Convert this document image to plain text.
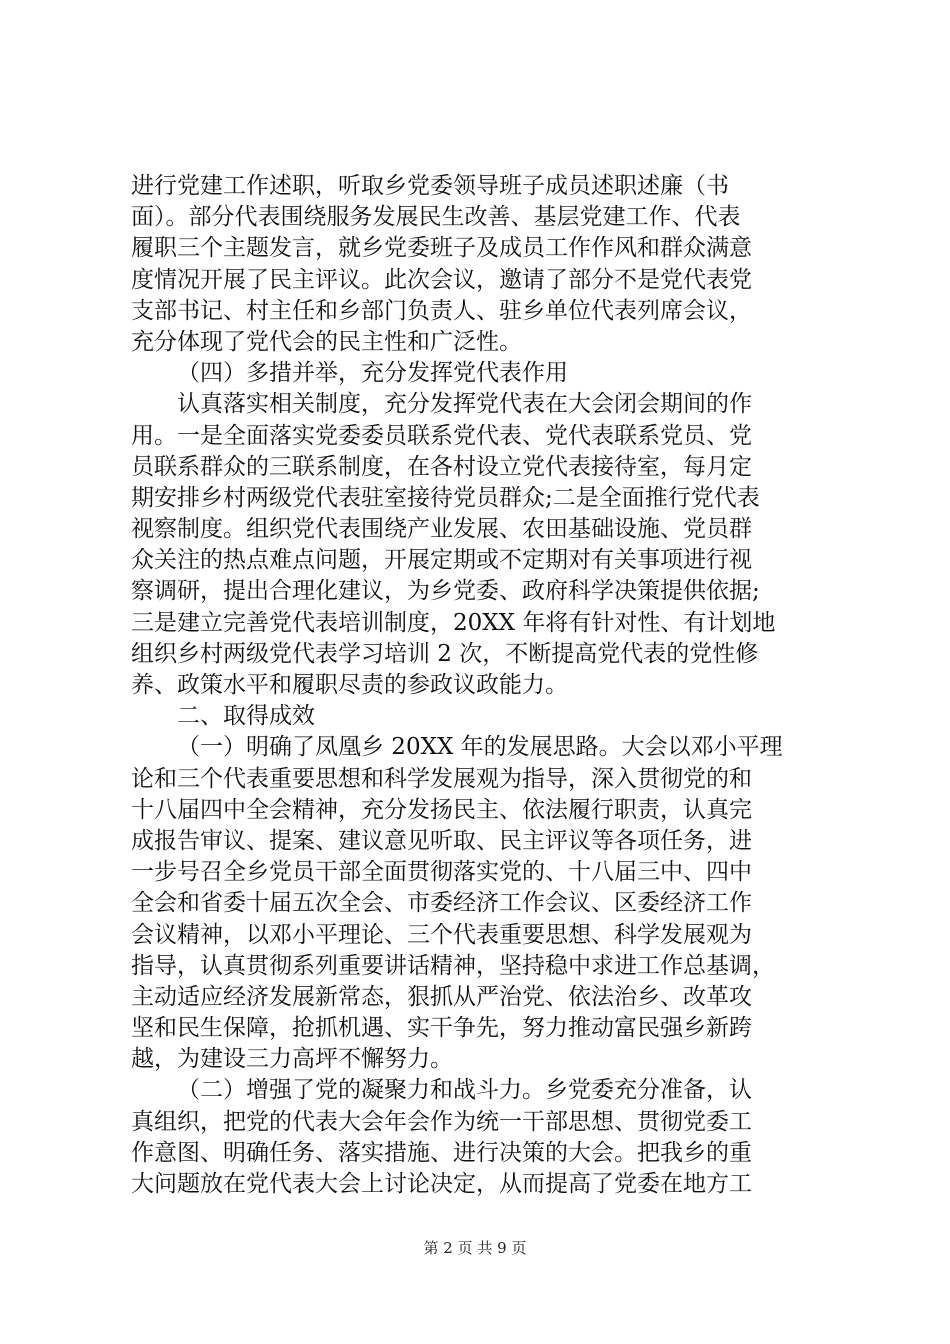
进行党建工作述职，听取乡党委领导班子成员述职述廉（书
面）。部分代表围绕服务发展民生改善、基层党建工作、代表
履职三个主题发言，就乡党委班子及成员工作作风和群众满意
度情况开展了民主评议。此次会议，邀请了部分不是党代表党
支部书记、村主任和乡部门负责人、驻乡单位代表列席会议，
充分体现了党代会的民主性和广泛性。
（四）多措并举，充分发挥党代表作用
认真落实相关制度，充分发挥党代表在大会闭会期间的作
用。一是全面落实党委委员联系党代表、党代表联系党员、党
员联系群众的三联系制度，在各村设立党代表接待室，每月定
期安排乡村两级党代表驻室接待党员群众;二是全面推行党代表
视察制度。组织党代表围绕产业发展、农田基础设施、党员群
众关注的热点难点问题，开展定期或不定期对有关事项进行视
察调研，提出合理化建议，为乡党委、政府科学决策提供依据;
三是建立完善党代表培训制度，20XX 年将有针对性、有计划地
组织乡村两级党代表学习培训 2 次，不断提高党代表的党性修
养、政策水平和履职尽责的参政议政能力。
二、取得成效
（一）明确了凤凰乡 20XX 年的发展思路。大会以邓小平理
论和三个代表重要思想和科学发展观为指导，深入贯彻党的和
十八届四中全会精神，充分发扬民主、依法履行职责，认真完
成报告审议、提案、建议意见听取、民主评议等各项任务，进
一步号召全乡党员干部全面贯彻落实党的、十八届三中、四中
全会和省委十届五次全会、市委经济工作会议、区委经济工作
会议精神，以邓小平理论、三个代表重要思想、科学发展观为
指导，认真贯彻系列重要讲话精神，坚持稳中求进工作总基调，
主动适应经济发展新常态，狠抓从严治党、依法治乡、改革攻
坚和民生保障，抢抓机遇、实干争先，努力推动富民强乡新跨
越，为建设三力高坪不懈努力。
（二）增强了党的凝聚力和战斗力。乡党委充分准备，认
真组织，把党的代表大会年会作为统一干部思想、贯彻党委工
作意图、明确任务、落实措施、进行决策的大会。把我乡的重
大问题放在党代表大会上讨论决定，从而提高了党委在地方工
第 2 页 共 9 页
